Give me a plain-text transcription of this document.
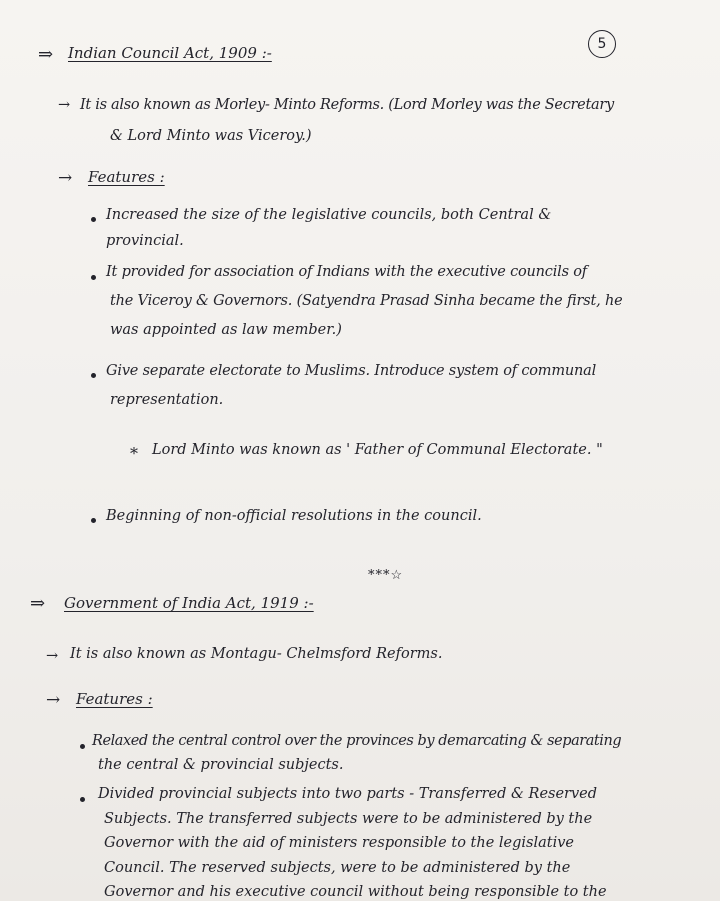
5
⇒ Indian Council Act, 1909 :-
→ It is also known as Morley- Minto Reforms. (Lord Morley was the Secretary
& Lord Minto was Viceroy.)
→ Features :
Increased the size of the legislative councils, both Central &
provincial.
It provided for association of Indians with the executive councils of
the Viceroy & Governors. (Satyendra Prasad Sinha became the first, he
was appointed as law member.)
Give separate electorate to Muslims. Introduce system of communal
representation.
* Lord Minto was known as ' Father of Communal Electorate. "
Beginning of non-official resolutions in the council.
***☆
⇒ Government of India Act, 1919 :-
→ It is also known as Montagu- Chelmsford Reforms.
→ Features :
Relaxed the central control over the provinces by demarcating & separating
the central & provincial subjects.
Divided provincial subjects into two parts - Transferred & Reserved
Subjects. The transferred subjects were to be administered by the
Governor with the aid of ministers responsible to the legislative
Council. The reserved subjects, were to be administered by the
Governor and his executive council without being responsible to the
